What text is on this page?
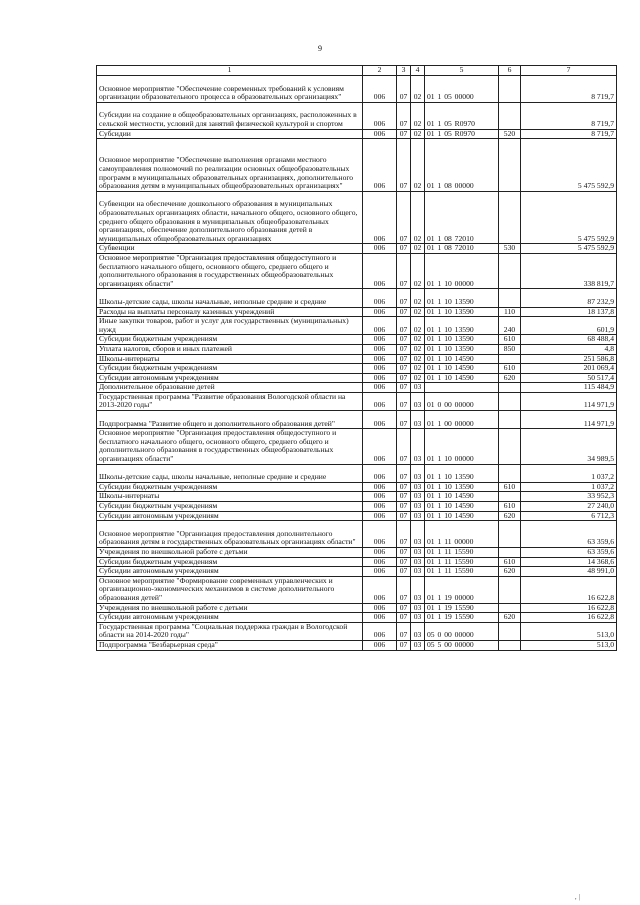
9
1	2	3	4	5	6	7
Основное мероприятие "Обеспечение современных требований к условиям организации образовательного процесса в образовательных организациях"	006	07	02	01 1 05 00000		8 719,7
Субсидии на создание в общеобразовательных организациях, расположенных в сельской местности, условий для занятий физической культурой и спортом	006	07	02	01 1 05 R0970		8 719,7
Субсидии	006	07	02	01 1 05 R0970	520	8 719,7
Основное мероприятие "Обеспечение выполнения органами местного самоуправления полномочий по реализации основных общеобразовательных программ в муниципальных образовательных организациях, дополнительного образования детям в муниципальных общеобразовательных организациях"	006	07	02	01 1 08 00000		5 475 592,9
Субвенции на обеспечение дошкольного образования в муниципальных образовательных организациях области, начального общего, основного общего, среднего общего образования в муниципальных общеобразовательных организациях, обеспечение дополнительного образования детей в муниципальных общеобразовательных организациях	006	07	02	01 1 08 72010		5 475 592,9
Субвенции	006	07	02	01 1 08 72010	530	5 475 592,9
Основное мероприятие "Организация предоставления общедоступного и бесплатного начального общего, основного общего, среднего общего и дополнительного образования в государственных общеобразовательных организациях области"	006	07	02	01 1 10 00000		338 819,7
Школы-детские сады, школы начальные, неполные средние и средние	006	07	02	01 1 10 13590		87 232,9
Расходы на выплаты персоналу казенных учреждений	006	07	02	01 1 10 13590	110	18 137,8
Иные закупки товаров, работ и услуг для государственных (муниципальных) нужд	006	07	02	01 1 10 13590	240	601,9
Субсидии бюджетным учреждениям	006	07	02	01 1 10 13590	610	68 488,4
Уплата налогов, сборов и иных платежей	006	07	02	01 1 10 13590	850	4,8
Школы-интернаты	006	07	02	01 1 10 14590		251 586,8
Субсидии бюджетным учреждениям	006	07	02	01 1 10 14590	610	201 069,4
Субсидии автономным учреждениям	006	07	02	01 1 10 14590	620	50 517,4
Дополнительное образование детей	006	07	03			115 484,9
Государственная программа "Развитие образования Вологодской области на 2013-2020 годы"	006	07	03	01 0 00 00000		114 971,9
Подпрограмма "Развитие общего и дополнительного образования детей"	006	07	03	01 1 00 00000		114 971,9
Основное мероприятие "Организация предоставления общедоступного и бесплатного начального общего, основного общего, среднего общего и дополнительного образования в государственных общеобразовательных организациях области"	006	07	03	01 1 10 00000		34 989,5
Школы-детские сады, школы начальные, неполные средние и средние	006	07	03	01 1 10 13590		1 037,2
Субсидии бюджетным учреждениям	006	07	03	01 1 10 13590	610	1 037,2
Школы-интернаты	006	07	03	01 1 10 14590		33 952,3
Субсидии бюджетным учреждениям	006	07	03	01 1 10 14590	610	27 240,0
Субсидии автономным учреждениям	006	07	03	01 1 10 14590	620	6 712,3
Основное мероприятие "Организация предоставления дополнительного образования детям в государственных образовательных организациях области"	006	07	03	01 1 11 00000		63 359,6
Учреждения по внешкольной работе с детьми	006	07	03	01 1 11 15590		63 359,6
Субсидии бюджетным учреждениям	006	07	03	01 1 11 15590	610	14 368,6
Субсидии автономным учреждениям	006	07	03	01 1 11 15590	620	48 991,0
Основное мероприятие "Формирование современных управленческих и организационно-экономических механизмов в системе дополнительного образования детей"	006	07	03	01 1 19 00000		16 622,8
Учреждения по внешкольной работе с детьми	006	07	03	01 1 19 15590		16 622,8
Субсидии автономным учреждениям	006	07	03	01 1 19 15590	620	16 622,8
Государственная программа "Социальная поддержка граждан в Вологодской области на 2014-2020 годы"	006	07	03	05 0 00 00000		513,0
Подпрограмма "Безбарьерная среда"	006	07	03	05 5 00 00000		513,0
‚ |
